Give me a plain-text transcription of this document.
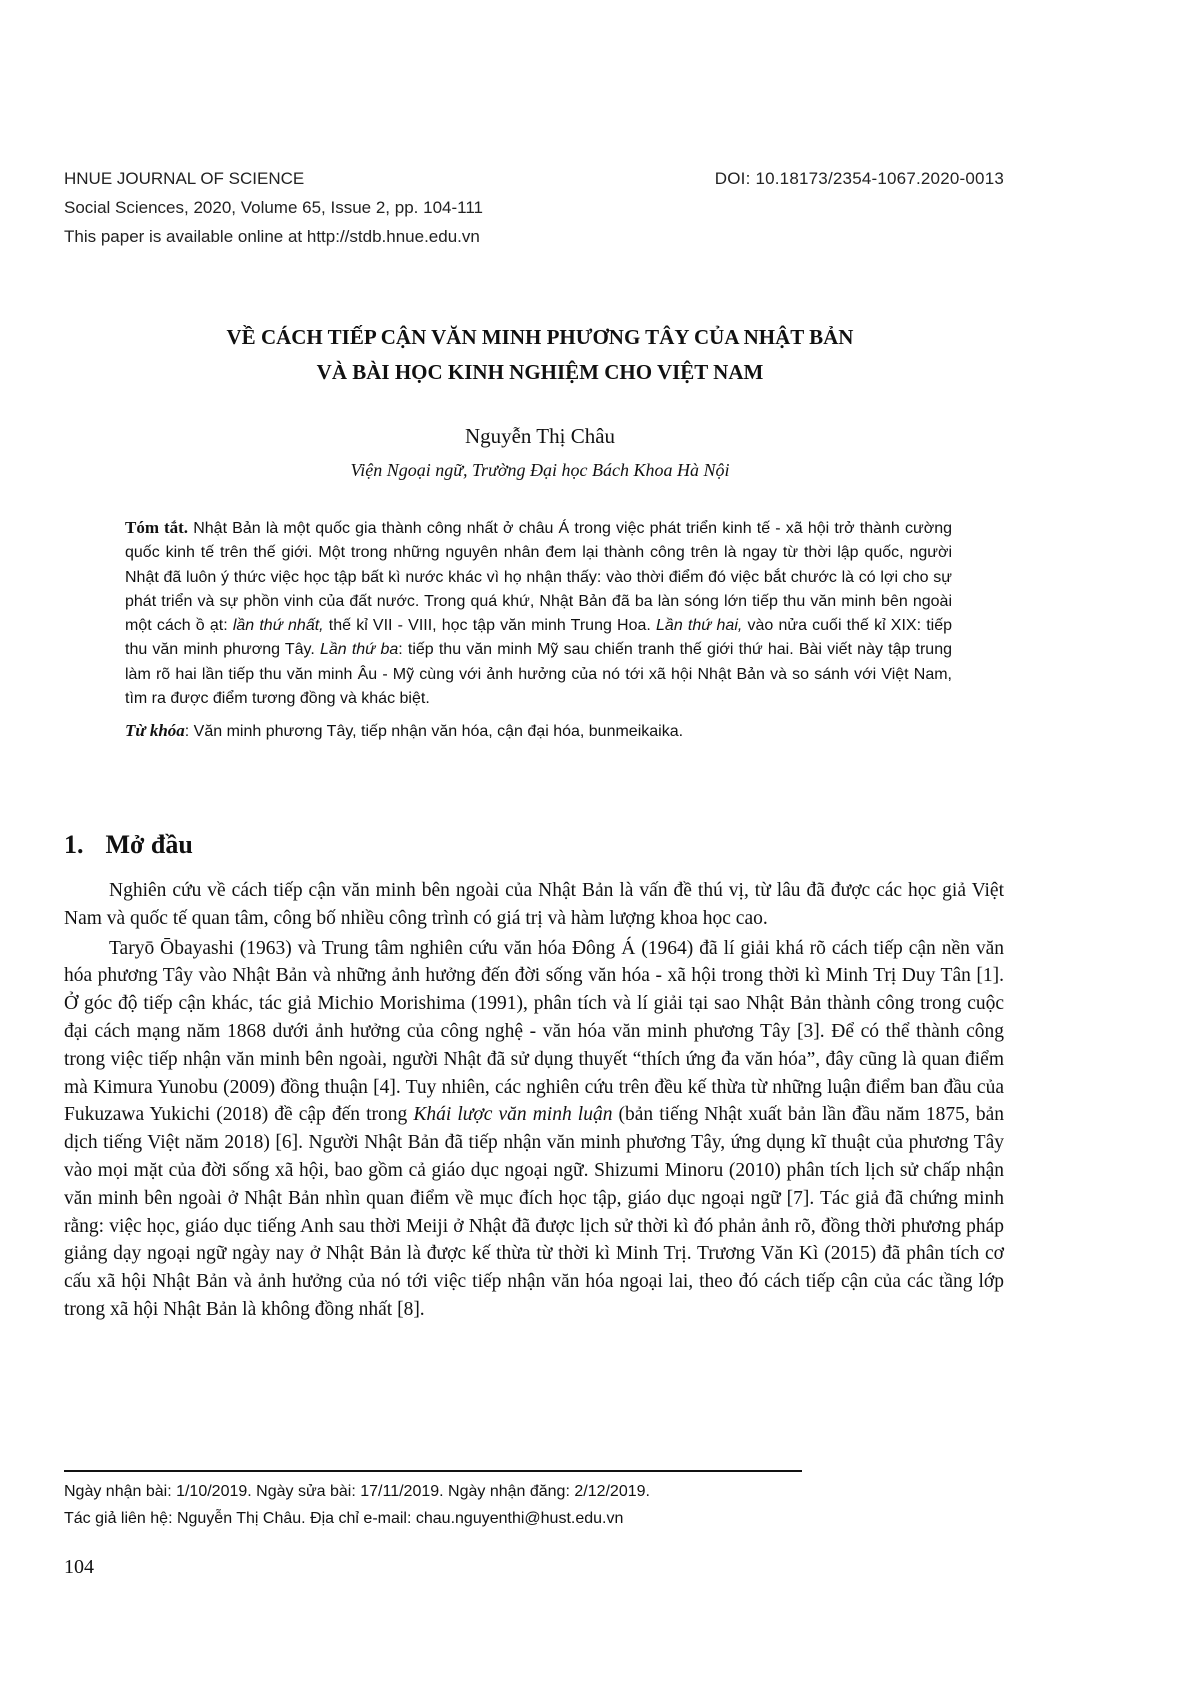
HNUE JOURNAL OF SCIENCE	DOI: 10.18173/2354-1067.2020-0013
Social Sciences, 2020, Volume 65, Issue 2, pp. 104-111
This paper is available online at http://stdb.hnue.edu.vn
VỀ CÁCH TIẾP CẬN VĂN MINH PHƯƠNG TÂY CỦA NHẬT BẢN
VÀ BÀI HỌC KINH NGHIỆM CHO VIỆT NAM
Nguyễn Thị Châu
Viện Ngoại ngữ, Trường Đại học Bách Khoa Hà Nội

Tóm tắt. Nhật Bản là một quốc gia thành công nhất ở châu Á trong việc phát triển kinh tế - xã hội trở thành cường quốc kinh tế trên thế giới. Một trong những nguyên nhân đem lại thành công trên là ngay từ thời lập quốc, người Nhật đã luôn ý thức việc học tập bất kì nước khác vì họ nhận thấy: vào thời điểm đó việc bắt chước là có lợi cho sự phát triển và sự phồn vinh của đất nước. Trong quá khứ, Nhật Bản đã ba làn sóng lớn tiếp thu văn minh bên ngoài một cách ồ ạt: lần thứ nhất, thế kỉ VII - VIII, học tập văn minh Trung Hoa. Lần thứ hai, vào nửa cuối thế kỉ XIX: tiếp thu văn minh phương Tây. Lần thứ ba: tiếp thu văn minh Mỹ sau chiến tranh thế giới thứ hai. Bài viết này tập trung làm rõ hai lần tiếp thu văn minh Âu - Mỹ cùng với ảnh hưởng của nó tới xã hội Nhật Bản và so sánh với Việt Nam, tìm ra được điểm tương đồng và khác biệt.

Từ khóa: Văn minh phương Tây, tiếp nhận văn hóa, cận đại hóa, bunmeikaika.

1. Mở đầu

Nghiên cứu về cách tiếp cận văn minh bên ngoài của Nhật Bản là vấn đề thú vị, từ lâu đã được các học giả Việt Nam và quốc tế quan tâm, công bố nhiều công trình có giá trị và hàm lượng khoa học cao.

Taryō Ōbayashi (1963) và Trung tâm nghiên cứu văn hóa Đông Á (1964) đã lí giải khá rõ cách tiếp cận nền văn hóa phương Tây vào Nhật Bản và những ảnh hưởng đến đời sống văn hóa - xã hội trong thời kì Minh Trị Duy Tân [1]. Ở góc độ tiếp cận khác, tác giả Michio Morishima (1991), phân tích và lí giải tại sao Nhật Bản thành công trong cuộc đại cách mạng năm 1868 dưới ảnh hưởng của công nghệ - văn hóa văn minh phương Tây [3]. Để có thể thành công trong việc tiếp nhận văn minh bên ngoài, người Nhật đã sử dụng thuyết “thích ứng đa văn hóa”, đây cũng là quan điểm mà Kimura Yunobu (2009) đồng thuận [4]. Tuy nhiên, các nghiên cứu trên đều kế thừa từ những luận điểm ban đầu của Fukuzawa Yukichi (2018) đề cập đến trong Khái lược văn minh luận (bản tiếng Nhật xuất bản lần đầu năm 1875, bản dịch tiếng Việt năm 2018) [6]. Người Nhật Bản đã tiếp nhận văn minh phương Tây, ứng dụng kĩ thuật của phương Tây vào mọi mặt của đời sống xã hội, bao gồm cả giáo dục ngoại ngữ. Shizumi Minoru (2010) phân tích lịch sử chấp nhận văn minh bên ngoài ở Nhật Bản nhìn quan điểm về mục đích học tập, giáo dục ngoại ngữ [7]. Tác giả đã chứng minh rằng: việc học, giáo dục tiếng Anh sau thời Meiji ở Nhật đã được lịch sử thời kì đó phản ảnh rõ, đồng thời phương pháp giảng dạy ngoại ngữ ngày nay ở Nhật Bản là được kế thừa từ thời kì Minh Trị. Trương Văn Kì (2015) đã phân tích cơ cấu xã hội Nhật Bản và ảnh hưởng của nó tới việc tiếp nhận văn hóa ngoại lai, theo đó cách tiếp cận của các tầng lớp trong xã hội Nhật Bản là không đồng nhất [8].

Ngày nhận bài: 1/10/2019. Ngày sửa bài: 17/11/2019. Ngày nhận đăng: 2/12/2019.

Tác giả liên hệ: Nguyễn Thị Châu. Địa chỉ e-mail: chau.nguyenthi@hust.edu.vn

104
